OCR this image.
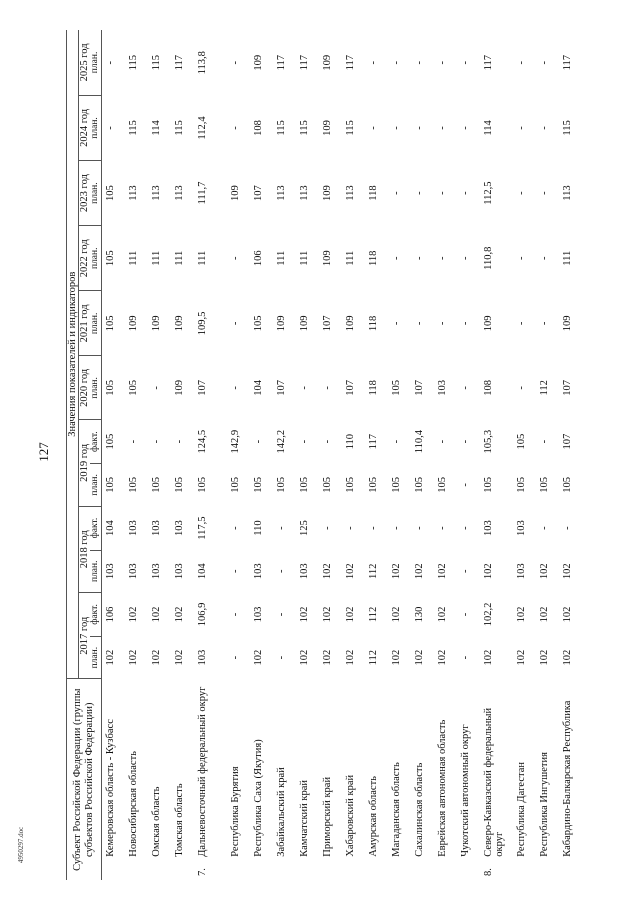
127
4950297.doc	Субъект Российской Федерации (группы субъектов Российской Федерации)		Значения показателей и индикаторов											
		2017 год		2018 год		2019 год		2020 год	2021 год	2022 год	2023 год	2024 год	2025 год
		план.	факт.	план.	факт.	план.	факт.	план.	план.	план.	план.	план.	план.
	Кемеровская область - Кузбасс	102	106	103	104	105	105	105	105	105	105	-	-
	Новосибирская область	102	102	103	103	105	-	105	109	111	113	115	115
	Омская область	102	102	103	103	105	-	-	109	111	113	114	115
	Томская область	102	102	103	103	105	-	109	109	111	113	115	117
7.	Дальневосточный федеральный округ	103	106,9	104	117,5	105	124,5	107	109,5	111	111,7	112,4	113,8
	Республика Бурятия	-	-	-	-	105	142,9	-	-	-	109	-	-
	Республика Саха (Якутия)	102	103	103	110	105	-	104	105	106	107	108	109
	Забайкальский край	-	-	-	-	105	142,2	107	109	111	113	115	117
	Камчатский край	102	102	103	125	105	-	-	109	111	113	115	117
	Приморский край	102	102	102	-	105	-	-	107	109	109	109	109
	Хабаровский край	102	102	102	-	105	110	107	109	111	113	115	117
	Амурская область	112	112	112	-	105	117	118	118	118	118	-	-
	Магаданская область	102	102	102	-	105	-	105	-	-	-	-	-
	Сахалинская область	102	130	102	-	105	110,4	107	-	-	-	-	-
	Еврейская автономная область	102	102	102	-	105	-	103	-	-	-	-	-
	Чукотский автономный округ	-	-	-	-	-	-	-	-	-	-	-	-
8.	Северо-Кавказский федеральный округ	102	102,2	102	103	105	105,3	108	109	110,8	112,5	114	117
	Республика Дагестан	102	102	103	103	105	105	-	-	-	-	-	-
	Республика Ингушетия	102	102	102	-	105	-	112	-	-	-	-	-
	Кабардино-Балкарская Республика	102	102	102	-	105	107	107	109	111	113	115	117
